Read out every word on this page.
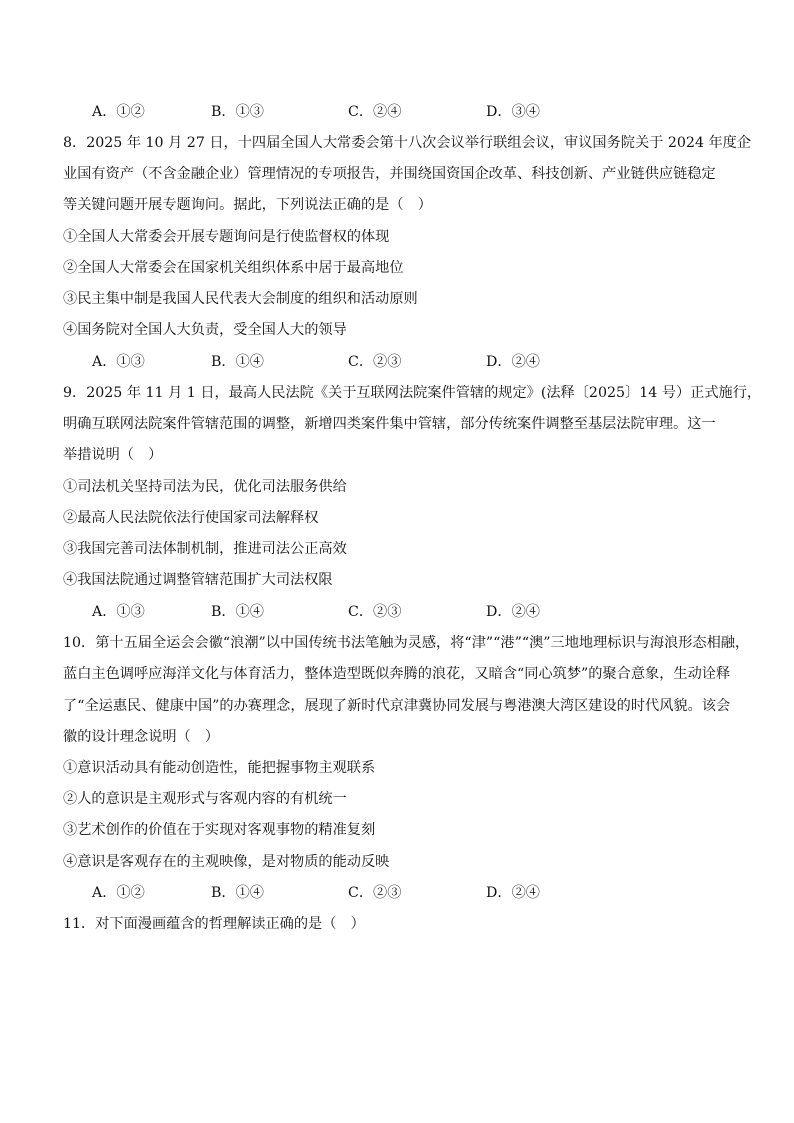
A．①②	B．①③	C．②④	D．③④
8．2025 年 10 月 27 日，十四届全国人大常委会第十八次会议举行联组会议，审议国务院关于 2024 年度企
业国有资产（不含金融企业）管理情况的专项报告，并围绕国资国企改革、科技创新、产业链供应链稳定
等关键问题开展专题询问。据此，下列说法正确的是（　）
①全国人大常委会开展专题询问是行使监督权的体现
②全国人大常委会在国家机关组织体系中居于最高地位
③民主集中制是我国人民代表大会制度的组织和活动原则
④国务院对全国人大负责，受全国人大的领导
A．①③	B．①④	C．②③	D．②④
9．2025 年 11 月 1 日，最高人民法院《关于互联网法院案件管辖的规定》(法释〔2025〕14 号）正式施行，
明确互联网法院案件管辖范围的调整，新增四类案件集中管辖，部分传统案件调整至基层法院审理。这一
举措说明（　）
①司法机关坚持司法为民，优化司法服务供给
②最高人民法院依法行使国家司法解释权
③我国完善司法体制机制，推进司法公正高效
④我国法院通过调整管辖范围扩大司法权限
A．①③	B．①④	C．②③	D．②④
10．第十五届全运会会徽“浪潮”以中国传统书法笔触为灵感，将“津”“港”“澳”三地地理标识与海浪形态相融，
蓝白主色调呼应海洋文化与体育活力，整体造型既似奔腾的浪花，又暗含“同心筑梦”的聚合意象，生动诠释
了“全运惠民、健康中国”的办赛理念，展现了新时代京津冀协同发展与粤港澳大湾区建设的时代风貌。该会
徽的设计理念说明（　）
①意识活动具有能动创造性，能把握事物主观联系
②人的意识是主观形式与客观内容的有机统一
③艺术创作的价值在于实现对客观事物的精准复刻
④意识是客观存在的主观映像，是对物质的能动反映
A．①②	B．①④	C．②③	D．②④
11．对下面漫画蕴含的哲理解读正确的是（　）
